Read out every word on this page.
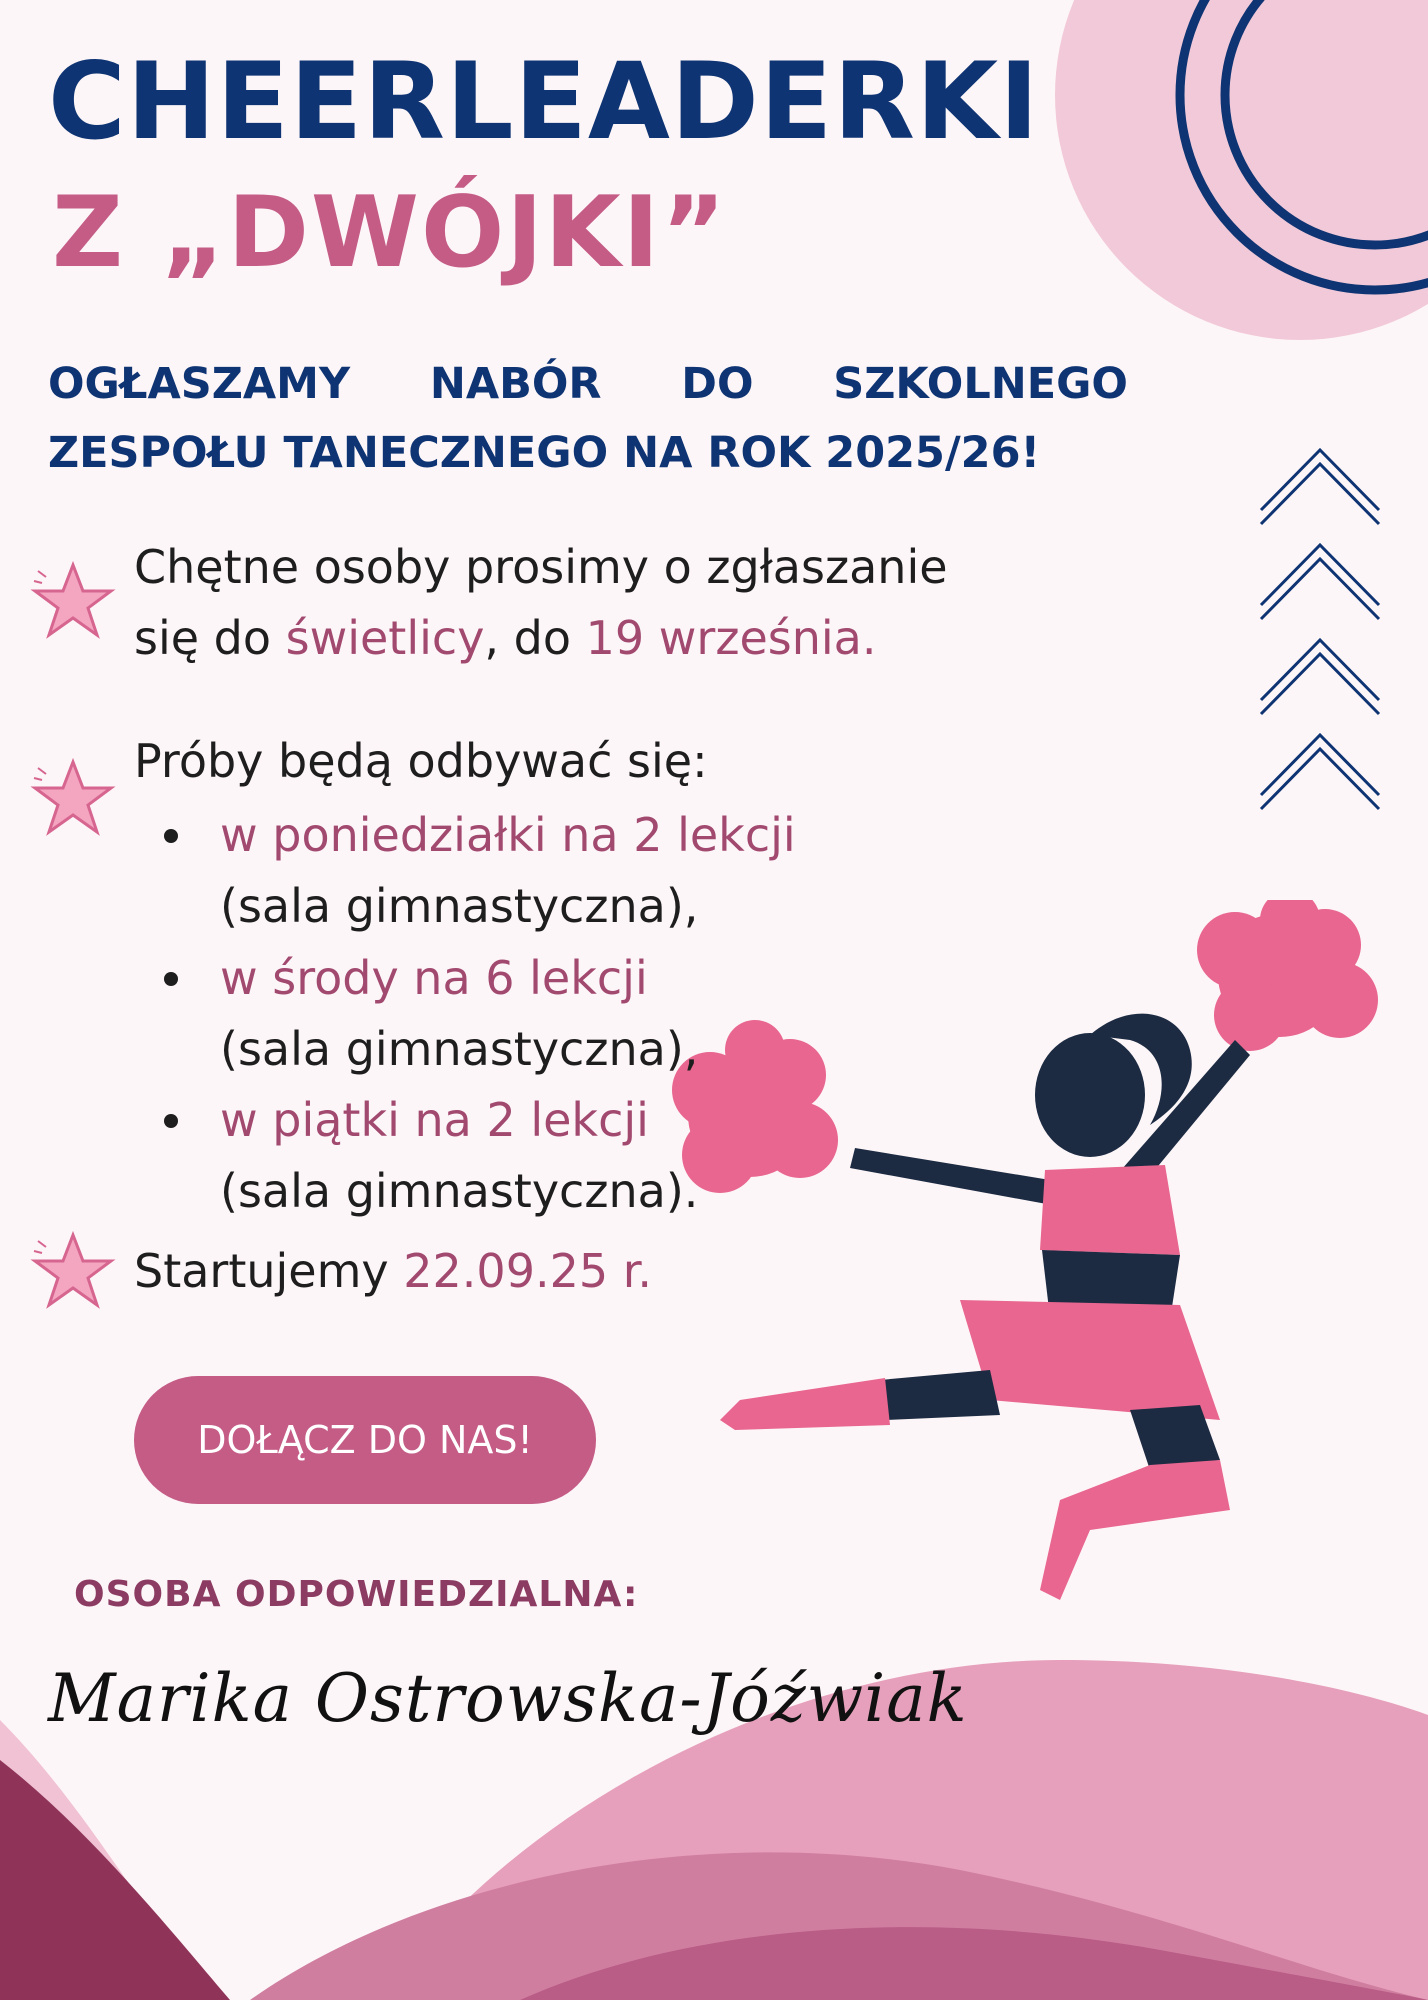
CHEERLEADERKI
Z „DWÓJKI”
OGŁASZAMY NABÓR DO SZKOLNEGO
ZESPOŁU TANECZNEGO NA ROK 2025/26!
Chętne osoby prosimy o zgłaszanie
się do świetlicy, do 19 września.
Próby będą odbywać się:
w poniedziałki na 2 lekcji
(sala gimnastyczna),
w środy na 6 lekcji
(sala gimnastyczna),
w piątki na 2 lekcji
(sala gimnastyczna).
Startujemy 22.09.25 r.
DOŁĄCZ DO NAS!
OSOBA ODPOWIEDZIALNA:
Marika Ostrowska-Jóźwiak
